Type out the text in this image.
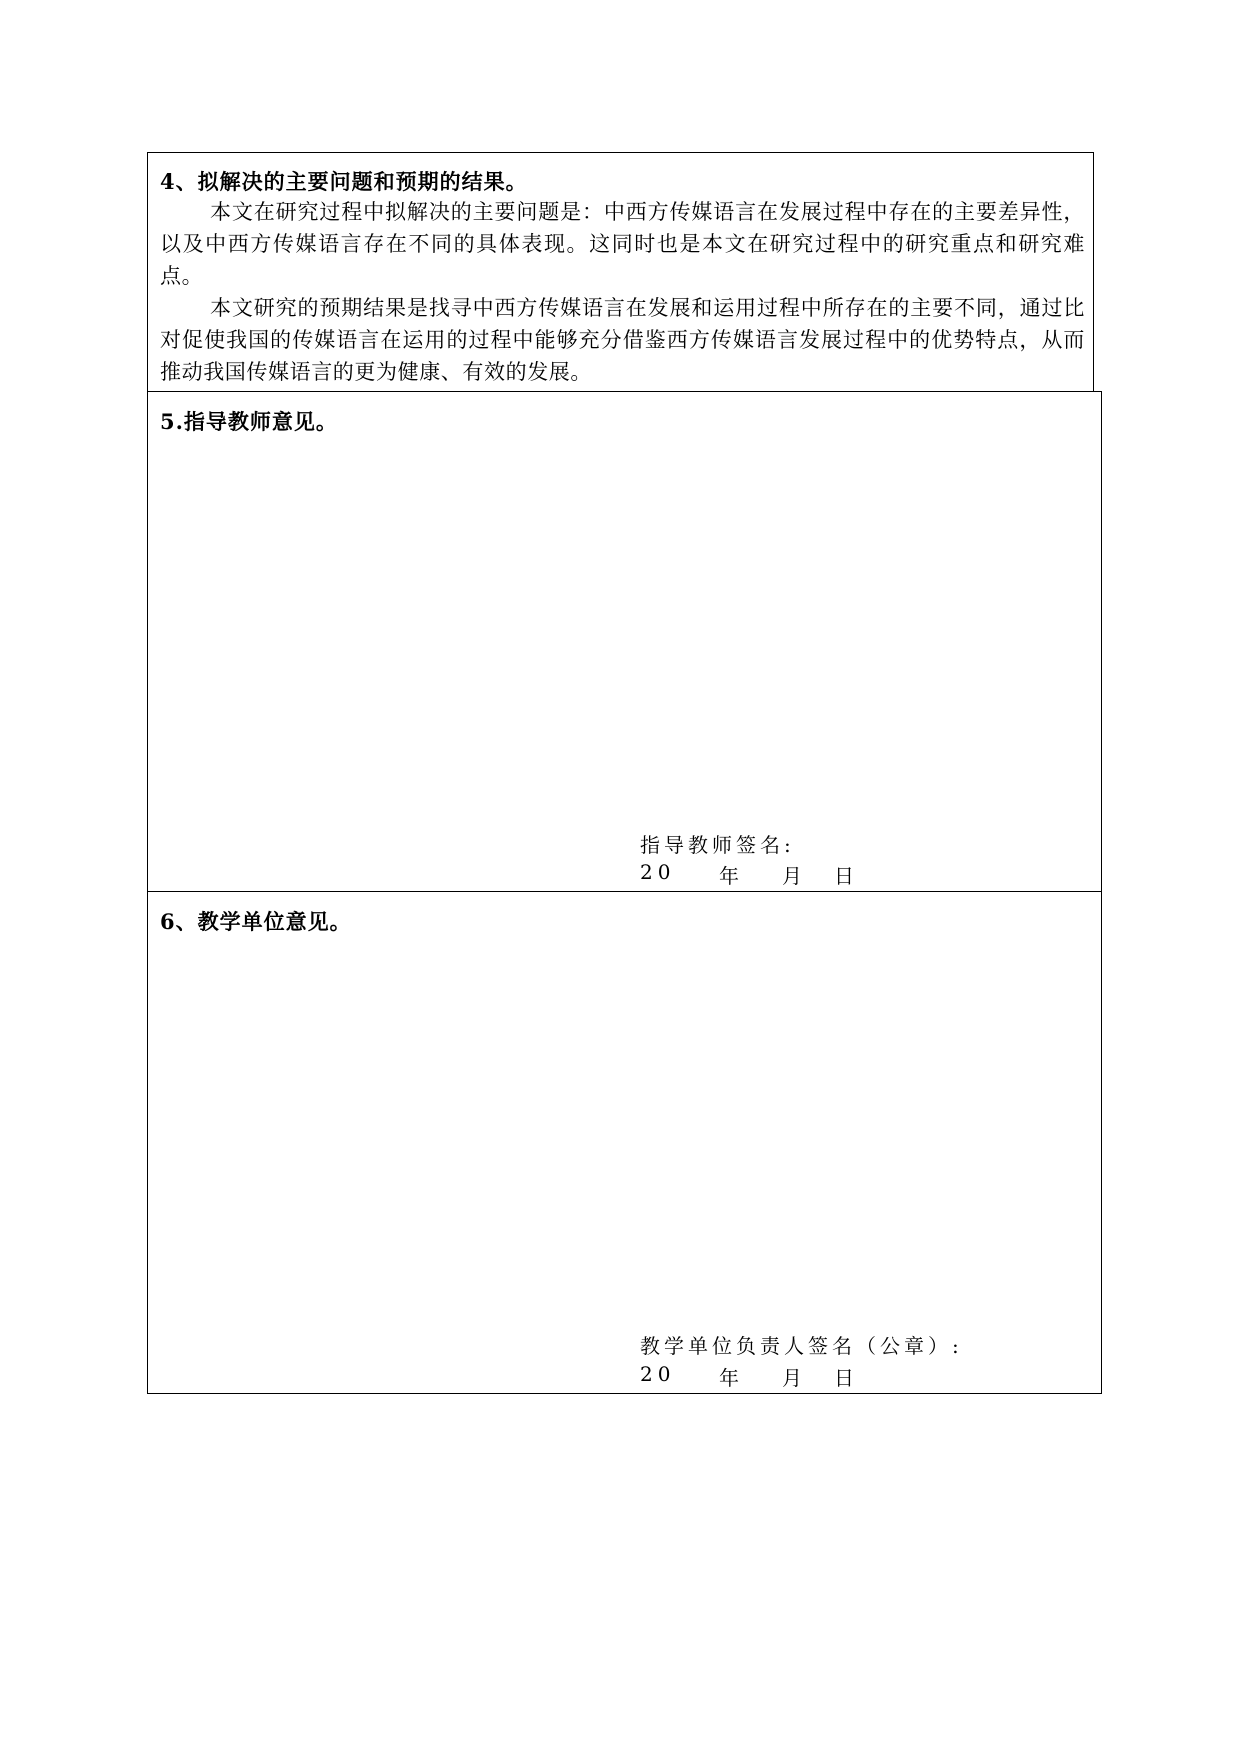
4、拟解决的主要问题和预期的结果。

本文在研究过程中拟解决的主要问题是：中西方传媒语言在发展过程中存在的主要差异性，以及中西方传媒语言存在不同的具体表现。这同时也是本文在研究过程中的研究重点和研究难点。

本文研究的预期结果是找寻中西方传媒语言在发展和运用过程中所存在的主要不同，通过比对促使我国的传媒语言在运用的过程中能够充分借鉴西方传媒语言发展过程中的优势特点，从而推动我国传媒语言的更为健康、有效的发展。

5.指导教师意见。
指导教师签名:
20 年 月 日
6、教学单位意见。
教学单位负责人签名（公章）:
20 年 月 日
